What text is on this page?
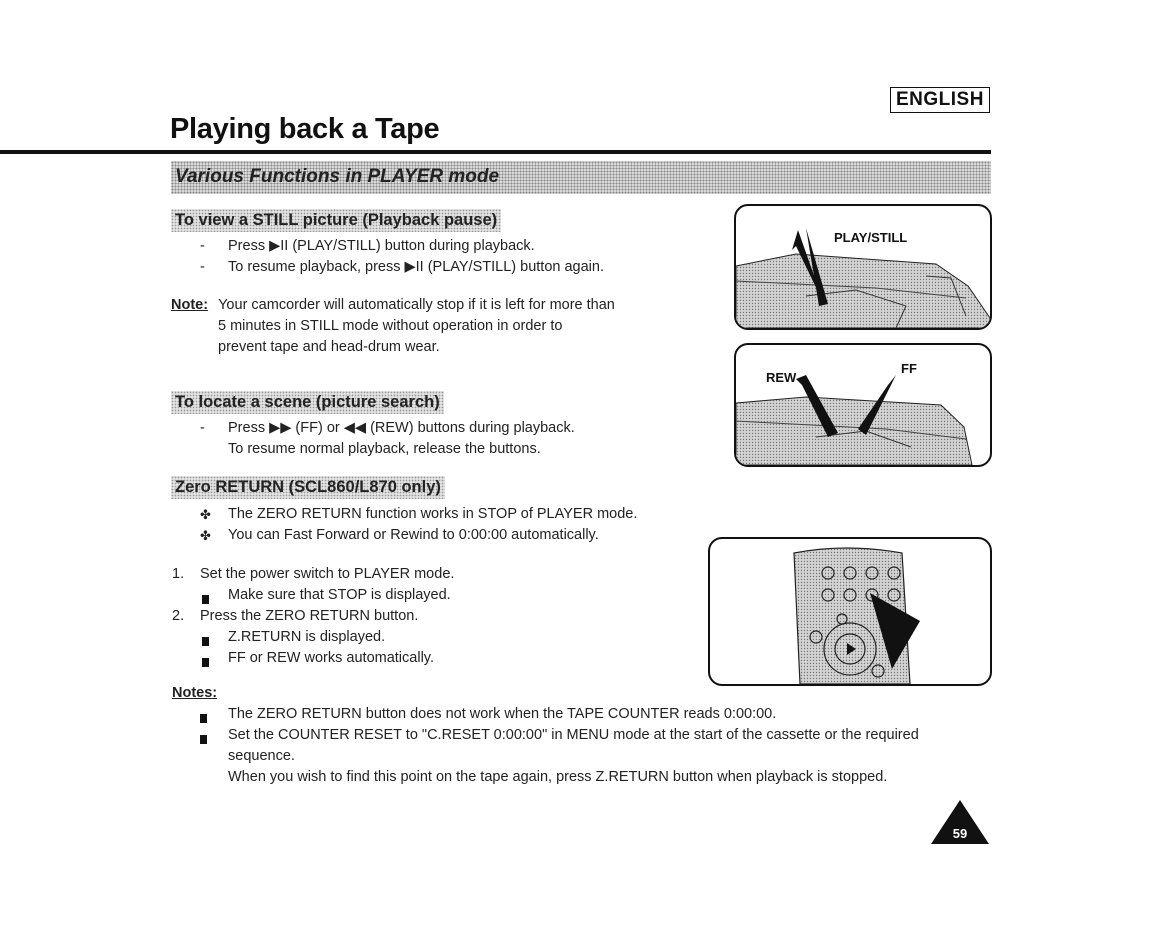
ENGLISH
Playing back a Tape
Various Functions in PLAYER mode
To view a STILL picture (Playback pause)
- Press ▶II (PLAY/STILL) button during playback.
- To resume playback, press ▶II (PLAY/STILL) button again.
Note: Your camcorder will automatically stop if it is left for more than
5 minutes in STILL mode without operation in order to
prevent tape and head-drum wear.
To locate a scene (picture search)
- Press ▶▶ (FF) or ◀◀ (REW) buttons during playback.
To resume normal playback, release the buttons.
Zero RETURN (SCL860/L870 only)
✤ The ZERO RETURN function works in STOP of PLAYER mode.
✤ You can Fast Forward or Rewind to 0:00:00 automatically.
1. Set the power switch to PLAYER mode.
Make sure that STOP is displayed.
2. Press the ZERO RETURN button.
Z.RETURN is displayed.
FF or REW works automatically.
Notes:
The ZERO RETURN button does not work when the TAPE COUNTER reads 0:00:00.
Set the COUNTER RESET to "C.RESET 0:00:00" in MENU mode at the start of the cassette or the required
sequence.
When you wish to find this point on the tape again, press Z.RETURN button when playback is stopped.
PLAY/STILL
REW
FF
59
